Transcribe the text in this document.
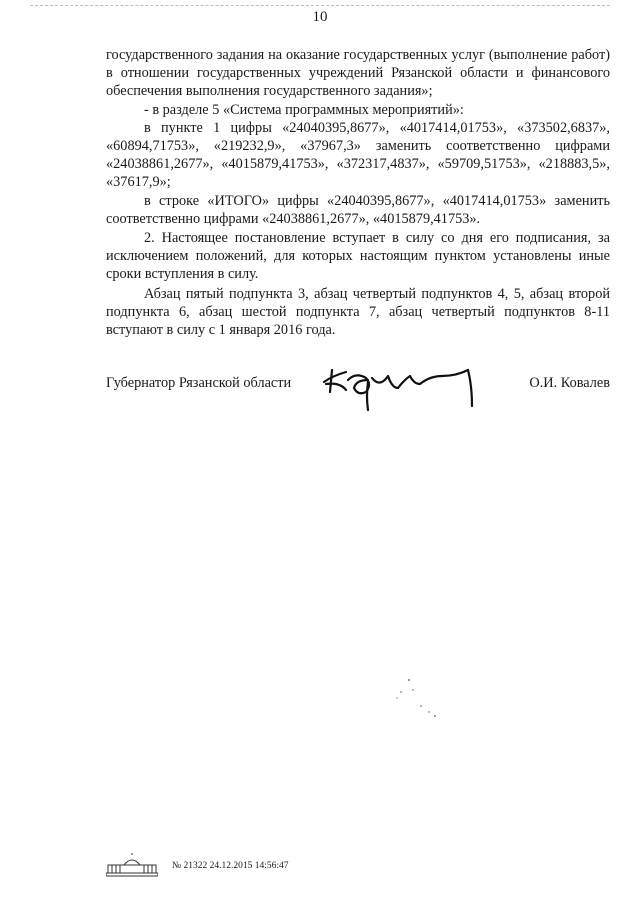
10

государственного задания на оказание государственных услуг (выполнение работ) в отношении государственных учреждений Рязанской области и финансового обеспечения выполнения государственного задания»;

- в разделе 5 «Система программных мероприятий»:

в пункте 1 цифры «24040395,8677», «4017414,01753», «373502,6837», «60894,71753», «219232,9», «37967,3» заменить соответственно цифрами «24038861,2677», «4015879,41753», «372317,4837», «59709,51753», «218883,5», «37617,9»;

в строке «ИТОГО» цифры «24040395,8677», «4017414,01753» заменить соответственно цифрами «24038861,2677», «4015879,41753».

2. Настоящее постановление вступает в силу со дня его подписания, за исключением положений, для которых настоящим пунктом установлены иные сроки вступления в силу.

Абзац пятый подпункта 3, абзац четвертый подпунктов 4, 5, абзац второй подпункта 6, абзац шестой подпункта 7, абзац четвертый подпунктов 8-11 вступают в силу с 1 января 2016 года.

Губернатор Рязанской области	О.И. Ковалев
№ 21322 24.12.2015 14:56:47
